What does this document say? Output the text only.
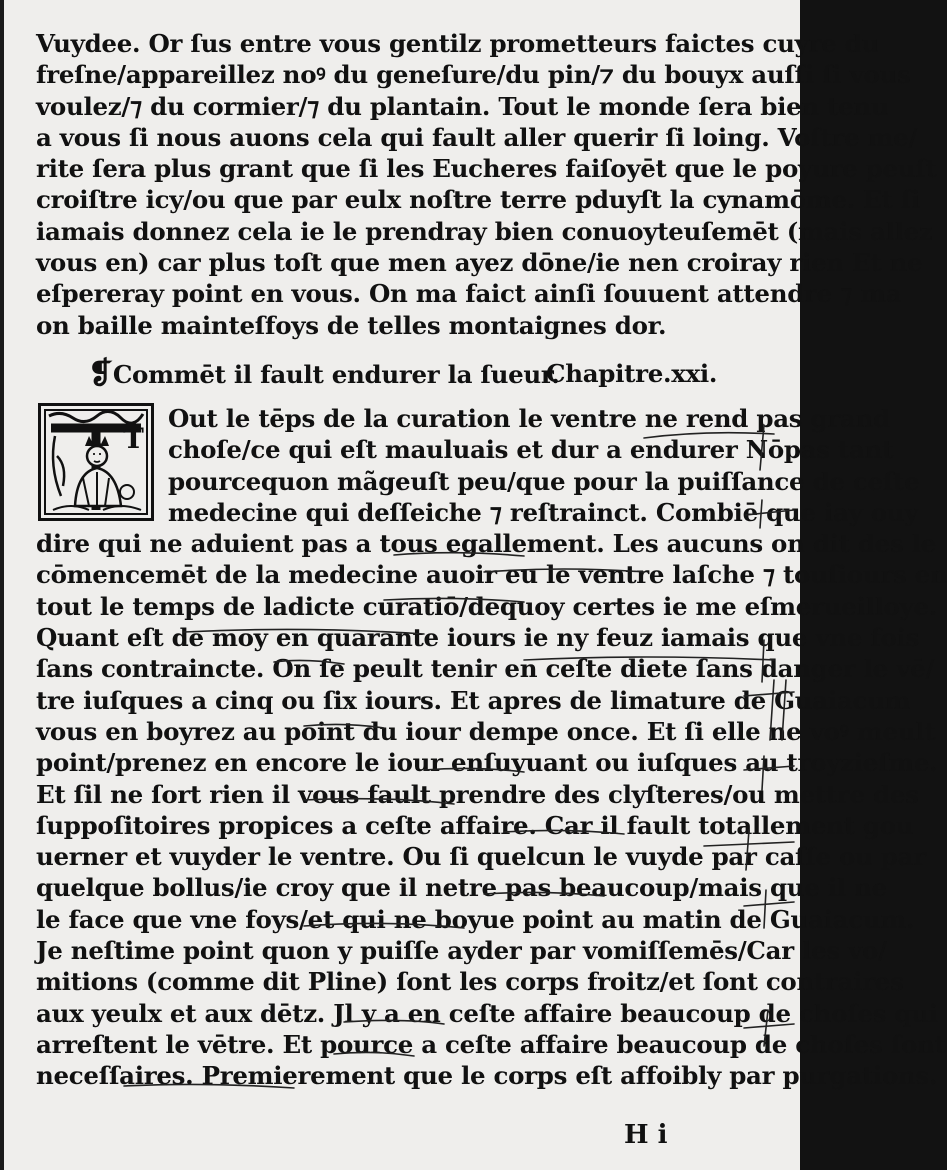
Vuydee. Or ſus entre vous gentilz prometteurs faictes cuyre du
freſne/appareillez noꝰ du geneſure/du pin/⁊ du bouyx auſſi ſi vous
voulez/⁊ du cormier/⁊ du plantain. Tout le monde ſera bien tenu
a vous ſi nous auons cela qui fault aller querir ſi loing. Voſtre me/
rite ſera plus grant que ſi les Eucheres faiſoyēt que le poyure peuſt
croiſtre icy/ou que par eulx noſtre terre pduyſt la cynamōme. Et ſi
iamais donnez cela ie le prendray bien conuoyteuſemēt (mais allez
vous en) car plus toſt que men ayez dōne/ie nen croiray rien Et ne
eſpereray point en vous. On ma faict ainſi ſouuent attendre ⁊ ma
on baille mainteſfoys de telles montaignes dor.
❡Commēt il fault endurer la ſueur.
Chapitre.xxi.
T
Out le tēps de la curation le ventre ne rend pas grand
choſe/ce qui eſt mauluais et dur a endurer Nōpas tant
pourcequon mãgeuſt peu/que pour la puiſſance de ceſte
medecine qui deſſeiche ⁊ reſtrainct. Combiē que iay ouy
dire qui ne aduient pas a tous egallement. Les aucuns on dit des le
cōmencemēt de la medecine auoir eu le ventre laſche ⁊ touſiours en
tout le temps de ladicte curatiō/dequoy certes ie me eſmerueilloye.
Quant eſt de moy en quarante iours ie ny feuz iamais que vne fois
ſans contraincte. On ſe peult tenir en ceſte diete ſans danger le vē/
tre iuſques a cinq ou ſix iours. Et apres de limature de Guaiacum
vous en boyrez au point du iour dempe once. Et ſi elle ne voꝰ meult
point/prenez en encore le iour enſuyuant ou iuſques au troyzieſme.
Et ſil ne ſort rien il vous fault prendre des clyſteres/ou mettre des
ſuppoſitoires propices a ceſte affaire. Car il fault totallement gou
uerner et vuyder le ventre. Ou ſi quelcun le vuyde par caſſe ou par
quelque bollus/ie croy que il netre pas beaucoup/mais que il ne
le face que vne foys/et qui ne boyue point au matin de Guaiacum.
Je neſtime point quon y puiſſe ayder par vomiſſemēs/Car les vo/
mitions (comme dit Pline) ſont les corps froitz/et ſont contraires
aux yeulx et aux dētz. Jl y a en ceſte affaire beaucoup de choſes qui
arreſtent le vētre. Et pource a ceſte affaire beaucoup de choſes ſont
neceſſaires. Premierement que le corps eſt affoibly par purgations.
H i
